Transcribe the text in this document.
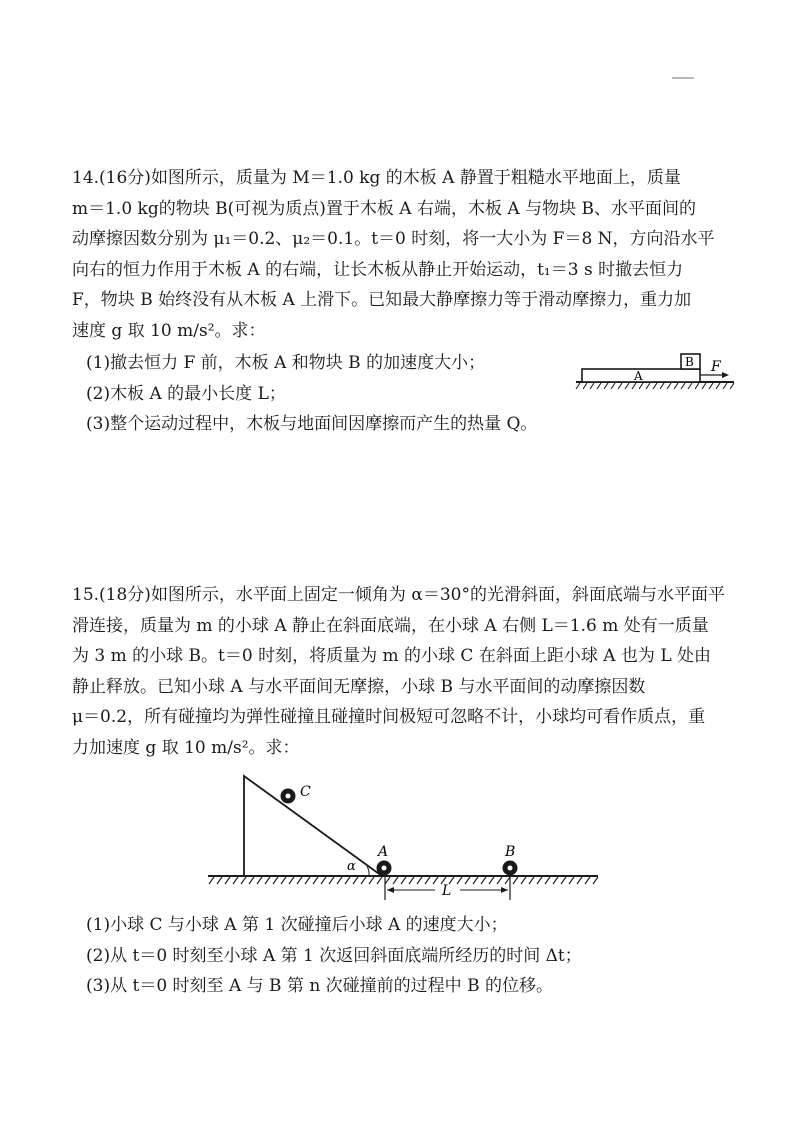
14.(16分)如图所示，质量为 M＝1.0 kg 的木板 A 静置于粗糙水平地面上，质量

m＝1.0 kg的物块 B(可视为质点)置于木板 A 右端，木板 A 与物块 B、水平面间的

动摩擦因数分别为 μ₁＝0.2、μ₂＝0.1。t＝0 时刻，将一大小为 F＝8 N，方向沿水平

向右的恒力作用于木板 A 的右端，让长木板从静止开始运动，t₁＝3 s 时撤去恒力

F，物块 B 始终没有从木板 A 上滑下。已知最大静摩擦力等于滑动摩擦力，重力加

速度 g 取 10 m/s²。求：

(1)撤去恒力 F 前，木板 A 和物块 B 的加速度大小；

(2)木板 A 的最小长度 L；

(3)整个运动过程中，木板与地面间因摩擦而产生的热量 Q。

A
B F

15.(18分)如图所示，水平面上固定一倾角为 α＝30°的光滑斜面，斜面底端与水平面平

滑连接，质量为 m 的小球 A 静止在斜面底端，在小球 A 右侧 L＝1.6 m 处有一质量

为 3 m 的小球 B。t＝0 时刻，将质量为 m 的小球 C 在斜面上距小球 A 也为 L 处由

静止释放。已知小球 A 与水平面间无摩擦，小球 B 与水平面间的动摩擦因数

μ＝0.2，所有碰撞均为弹性碰撞且碰撞时间极短可忽略不计，小球均可看作质点，重

力加速度 g 取 10 m/s²。求：

(1)小球 C 与小球 A 第 1 次碰撞后小球 A 的速度大小；

(2)从 t＝0 时刻至小球 A 第 1 次返回斜面底端所经历的时间 Δt；

(3)从 t＝0 时刻至 A 与 B 第 n 次碰撞前的过程中 B 的位移。

α
C
A	B
L
